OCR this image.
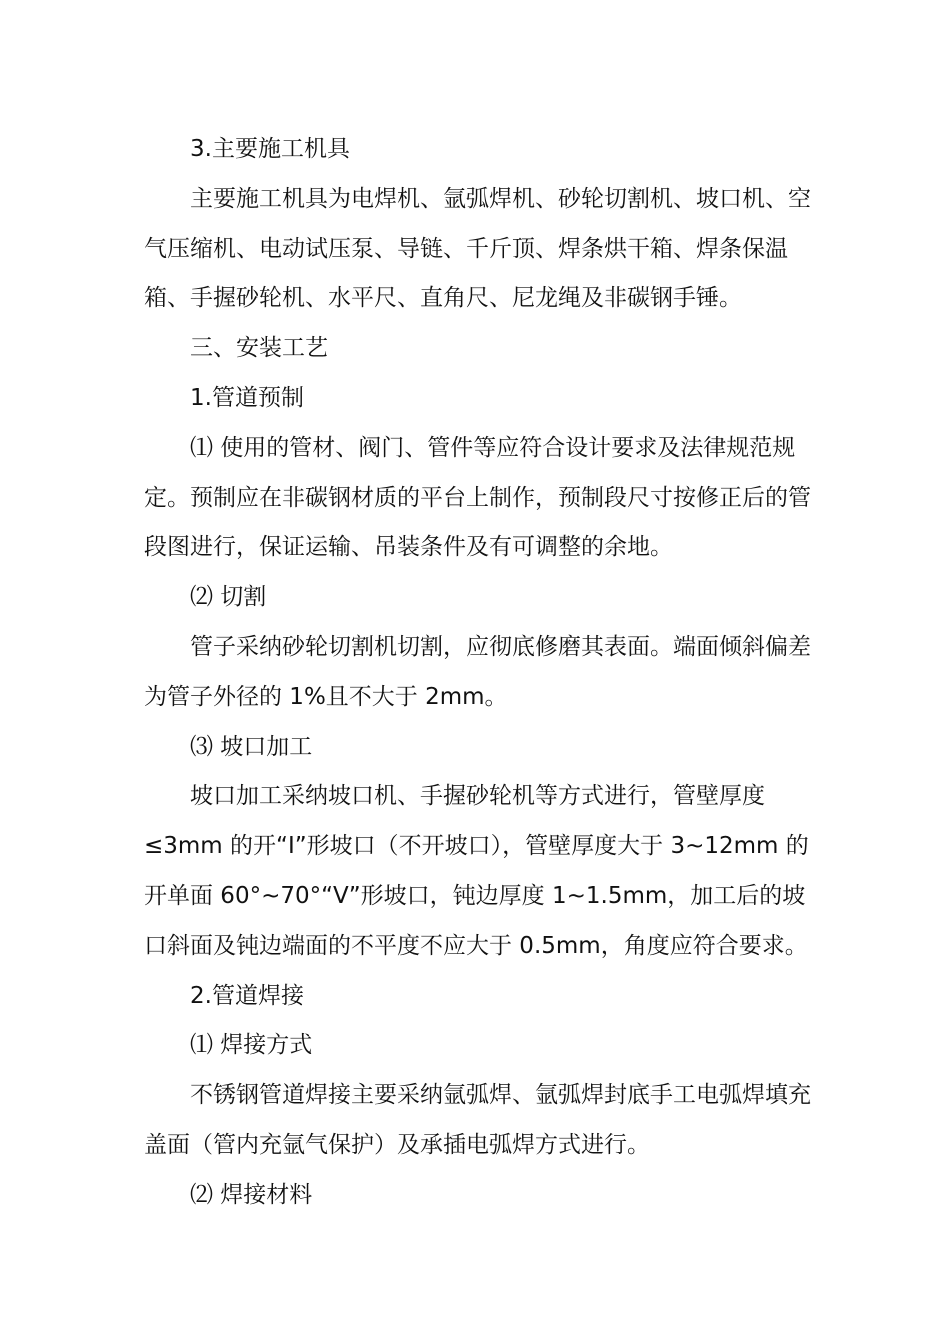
3.主要施工机具

主要施工机具为电焊机、氩弧焊机、砂轮切割机、坡口机、空气压缩机、电动试压泵、导链、千斤顶、焊条烘干箱、焊条保温箱、手握砂轮机、水平尺、直角尺、尼龙绳及非碳钢手锤。

三、安装工艺

1.管道预制

⑴ 使用的管材、阀门、管件等应符合设计要求及法律规范规定。预制应在非碳钢材质的平台上制作，预制段尺寸按修正后的管段图进行，保证运输、吊装条件及有可调整的余地。

⑵ 切割

管子采纳砂轮切割机切割，应彻底修磨其表面。端面倾斜偏差为管子外径的 1%且不大于 2mm。

⑶ 坡口加工

坡口加工采纳坡口机、手握砂轮机等方式进行，管壁厚度≤3mm 的开“I”形坡口（不开坡口），管壁厚度大于 3~12mm 的开单面 60°~70°“V”形坡口，钝边厚度 1~1.5mm，加工后的坡口斜面及钝边端面的不平度不应大于 0.5mm，角度应符合要求。

2.管道焊接

⑴ 焊接方式

不锈钢管道焊接主要采纳氩弧焊、氩弧焊封底手工电弧焊填充盖面（管内充氩气保护）及承插电弧焊方式进行。

⑵ 焊接材料
